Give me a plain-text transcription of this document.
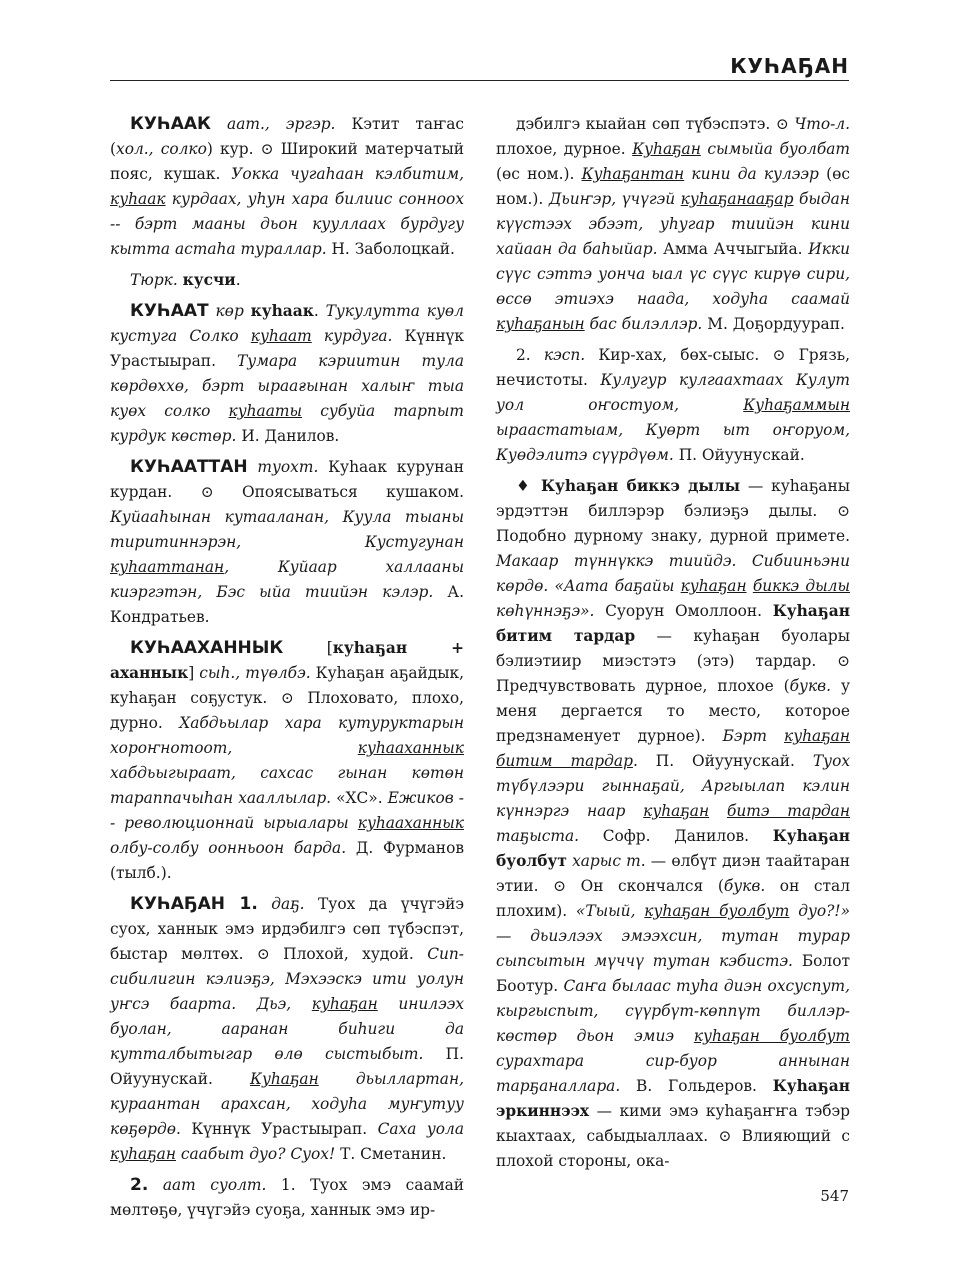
КУҺАҔАН

КУҺААК аат., эргэр. Кэтит таҥас (хол., солко) кур. ⊙ Широкий матерчатый пояс, кушак. Уокка чугаһаан кэлбитим, куһаак курдаах, уһун хара билиис сонноох -- бэрт мааны дьон кууллаах бурдугу кытта астаһа тураллар. Н. Заболоцкай.

Тюрк. кусчи.

КУҺААТ көр куһаак. Тукулутта куөл кустуга Солко куһаат курдуга. Күннүк Урастыырап. Тумара кэриитин тула көрдөххө, бэрт ыраағынан халыҥ тыа куөх солко куһааты субуйа тарпыт курдук көстөр. И. Данилов.

КУҺААТТАН туохт. Куһаак курунан курдан. ⊙ Опоясываться кушаком. Куйааһынан кутааланан, Куула тыаны тиритиннэрэн, Кустугунан куһааттанан, Куйаар халлааны киэргэтэн, Бэс ыйа тиийэн кэлэр. А. Кондратьев.

КУҺААХАННЫК [куһаҕан + аханнык] сыһ., түөлбэ. Куһаҕан аҕайдык, куһаҕан соҕустук. ⊙ Плоховато, плохо, дурно. Хабдьылар хара кутуруктарын хороҥнотоот, куһааханнык хабдьыгыраат, сахсас гынан көтөн тараппачыһан хааллылар. «ХС». Ежиков -- революционнай ырыалары куһааханнык олбу-солбу оонньоон барда. Д. Фурманов (тылб.).

КУҺАҔАН 1. даҕ. Туох да үчүгэйэ суох, ханнык эмэ ирдэбилгэ сөп түбэспэт, быстар мөлтөх. ⊙ Плохой, худой. Сип-сибилигин кэлиэҕэ, Мэхээскэ ити уолун уҥсэ баарта. Дьэ, куһаҕан инилээх буолан, ааранан биһиги да кутталбытыгар өлө сыстыбыт. П. Ойуунускай. Куһаҕан дьыллартан, кураантан арахсан, ходуһа муҥутуу көҕөрдө. Күннүк Урастыырап. Саха уола куһаҕан саабыт дуо? Суох! Т. Сметанин.

2. аат суолт. 1. Туох эмэ саамай мөлтөҕө, үчүгэйэ суоҕа, ханнык эмэ ир-

дэбилгэ кыайан сөп түбэспэтэ. ⊙ Что-л. плохое, дурное. Куһаҕан сымыйа буолбат (өс ном.). Куһаҕантан кини да кулээр (өс ном.). Дьиҥэр, үчүгэй куһаҕанааҕар быдан күүстээх эбээт, уһугар тиийэн кини хайаан да баһыйар. Амма Аччыгыйа. Икки сүүс сэттэ уонча ыал үс сүүс кирүө сири, өссө этиэхэ наада, ходуһа саамай куһаҕанын бас билэллэр. М. Доҕордуурап.

2. кэсп. Кир-хах, бөх-сыыс. ⊙ Грязь, нечистоты. Кулугур кулгаахтаах Кулут уол оҥостуом, Куһаҕаммын ыраастатыам, Куөрт ыт оҥоруом, Куөдэлитэ сүүрдүөм. П. Ойуунускай.

♦ Куһаҕан биккэ дылы — куһаҕаны эрдэттэн биллэрэр бэлиэҕэ дылы. ⊙ Подобно дурному знаку, дурной примете. Макаар түннүккэ тиийдэ. Сибииньэни көрдө. «Аата баҕайы куһаҕан биккэ дылы көһүннэҕэ». Суорун Омоллоон. Куһаҕан битим тардар — куһаҕан буолары бэлиэтиир миэстэтэ (этэ) тардар. ⊙ Предчувствовать дурное, плохое (букв. у меня дергается то место, которое предзнаменует дурное). Бэрт куһаҕан битим тардар. П. Ойуунускай. Туох түбүлээри гыннаҕай, Аргыылап кэлин күннэргэ наар куһаҕан битэ тардан таҕыста. Софр. Данилов. Куһаҕан буолбут харыс т. — өлбүт диэн таайтаран этии. ⊙ Он скончался (букв. он стал плохим). «Тыый, куһаҕан буолбут дуо?!» — дьиэлээх эмээхсин, тутан турар сыпсытын мүччү тутан кэбистэ. Болот Боотур. Саҥа былаас туһа диэн охсуспут, кыргыспыт, сүүрбүт-көппүт биллэр-көстөр дьон эмиэ куһаҕан буолбут сурахтара сир-буор аннынан тарҕаналлара. В. Гольдеров. Куһаҕан эркиннээх — кими эмэ куһаҕаҥҥа тэбэр кыахтаах, сабыдыаллаах. ⊙ Влияющий с плохой стороны, ока-

547
